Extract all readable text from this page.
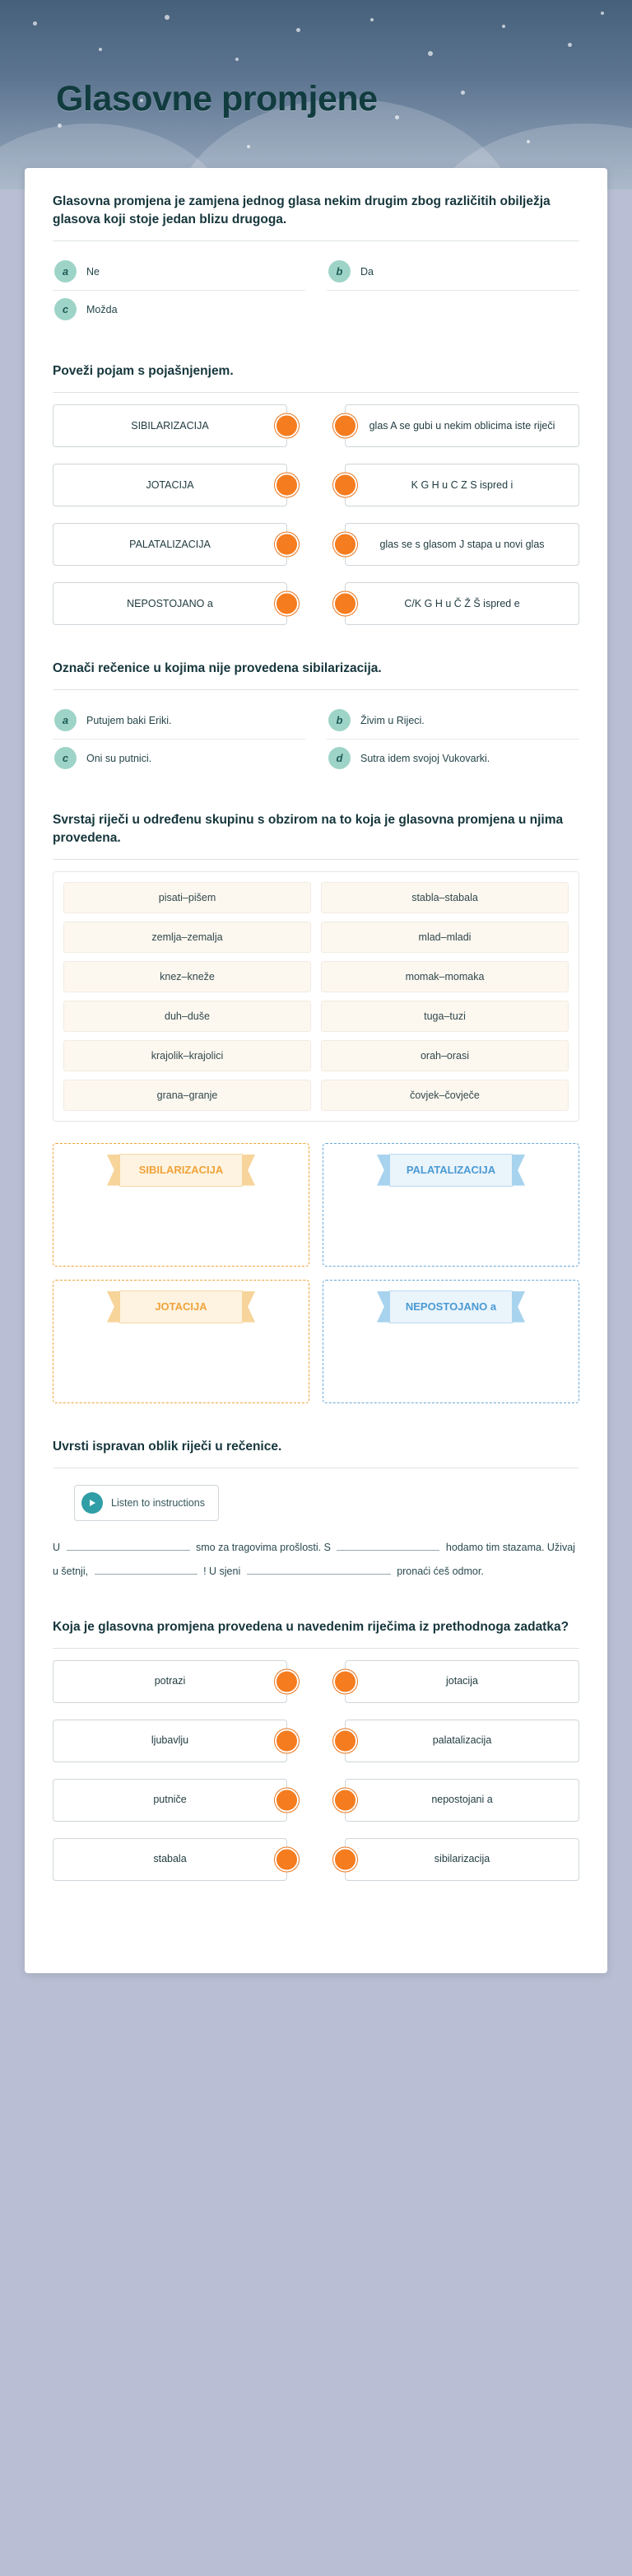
Glasovne promjene
Glasovna promjena je zamjena jednog glasa nekim drugim zbog različitih obilježja glasova koji stoje jedan blizu drugoga.
a	Ne	b	Da
c	Možda
Poveži pojam s pojašnjenjem.
SIBILARIZACIJA	glas A se gubi u nekim oblicima iste riječi
JOTACIJA	K G H u C Z S ispred i
PALATALIZACIJA	glas se s glasom J stapa u novi glas
NEPOSTOJANO a	C/K G H u Č Ž Š ispred e
Označi rečenice u kojima nije provedena sibilarizacija.
a	Putujem baki Eriki.	b	Živim u Rijeci.
c	Oni su putnici.	d	Sutra idem svojoj Vukovarki.
Svrstaj riječi u određenu skupinu s obzirom na to koja je glasovna promjena u njima provedena.
pisati–pišem	stabla–stabala
zemlja–zemalja	mlad–mladi
knez–kneže	momak–momaka
duh–duše	tuga–tuzi
krajolik–krajolici	orah–orasi
grana–granje	čovjek–čovječe
SIBILARIZACIJA	PALATALIZACIJA
JOTACIJA	NEPOSTOJANO a
Uvrsti ispravan oblik riječi u rečenice.
Listen to instructions
U	smo za tragovima prošlosti. S	hodamo tim stazama. Uživaj u šetnji,	! U sjeni	pronaći ćeš odmor.
Koja je glasovna promjena provedena u navedenim riječima iz prethodnoga zadatka?
potrazi	jotacija
ljubavlju	palatalizacija
putniče	nepostojani a
stabala	sibilarizacija
